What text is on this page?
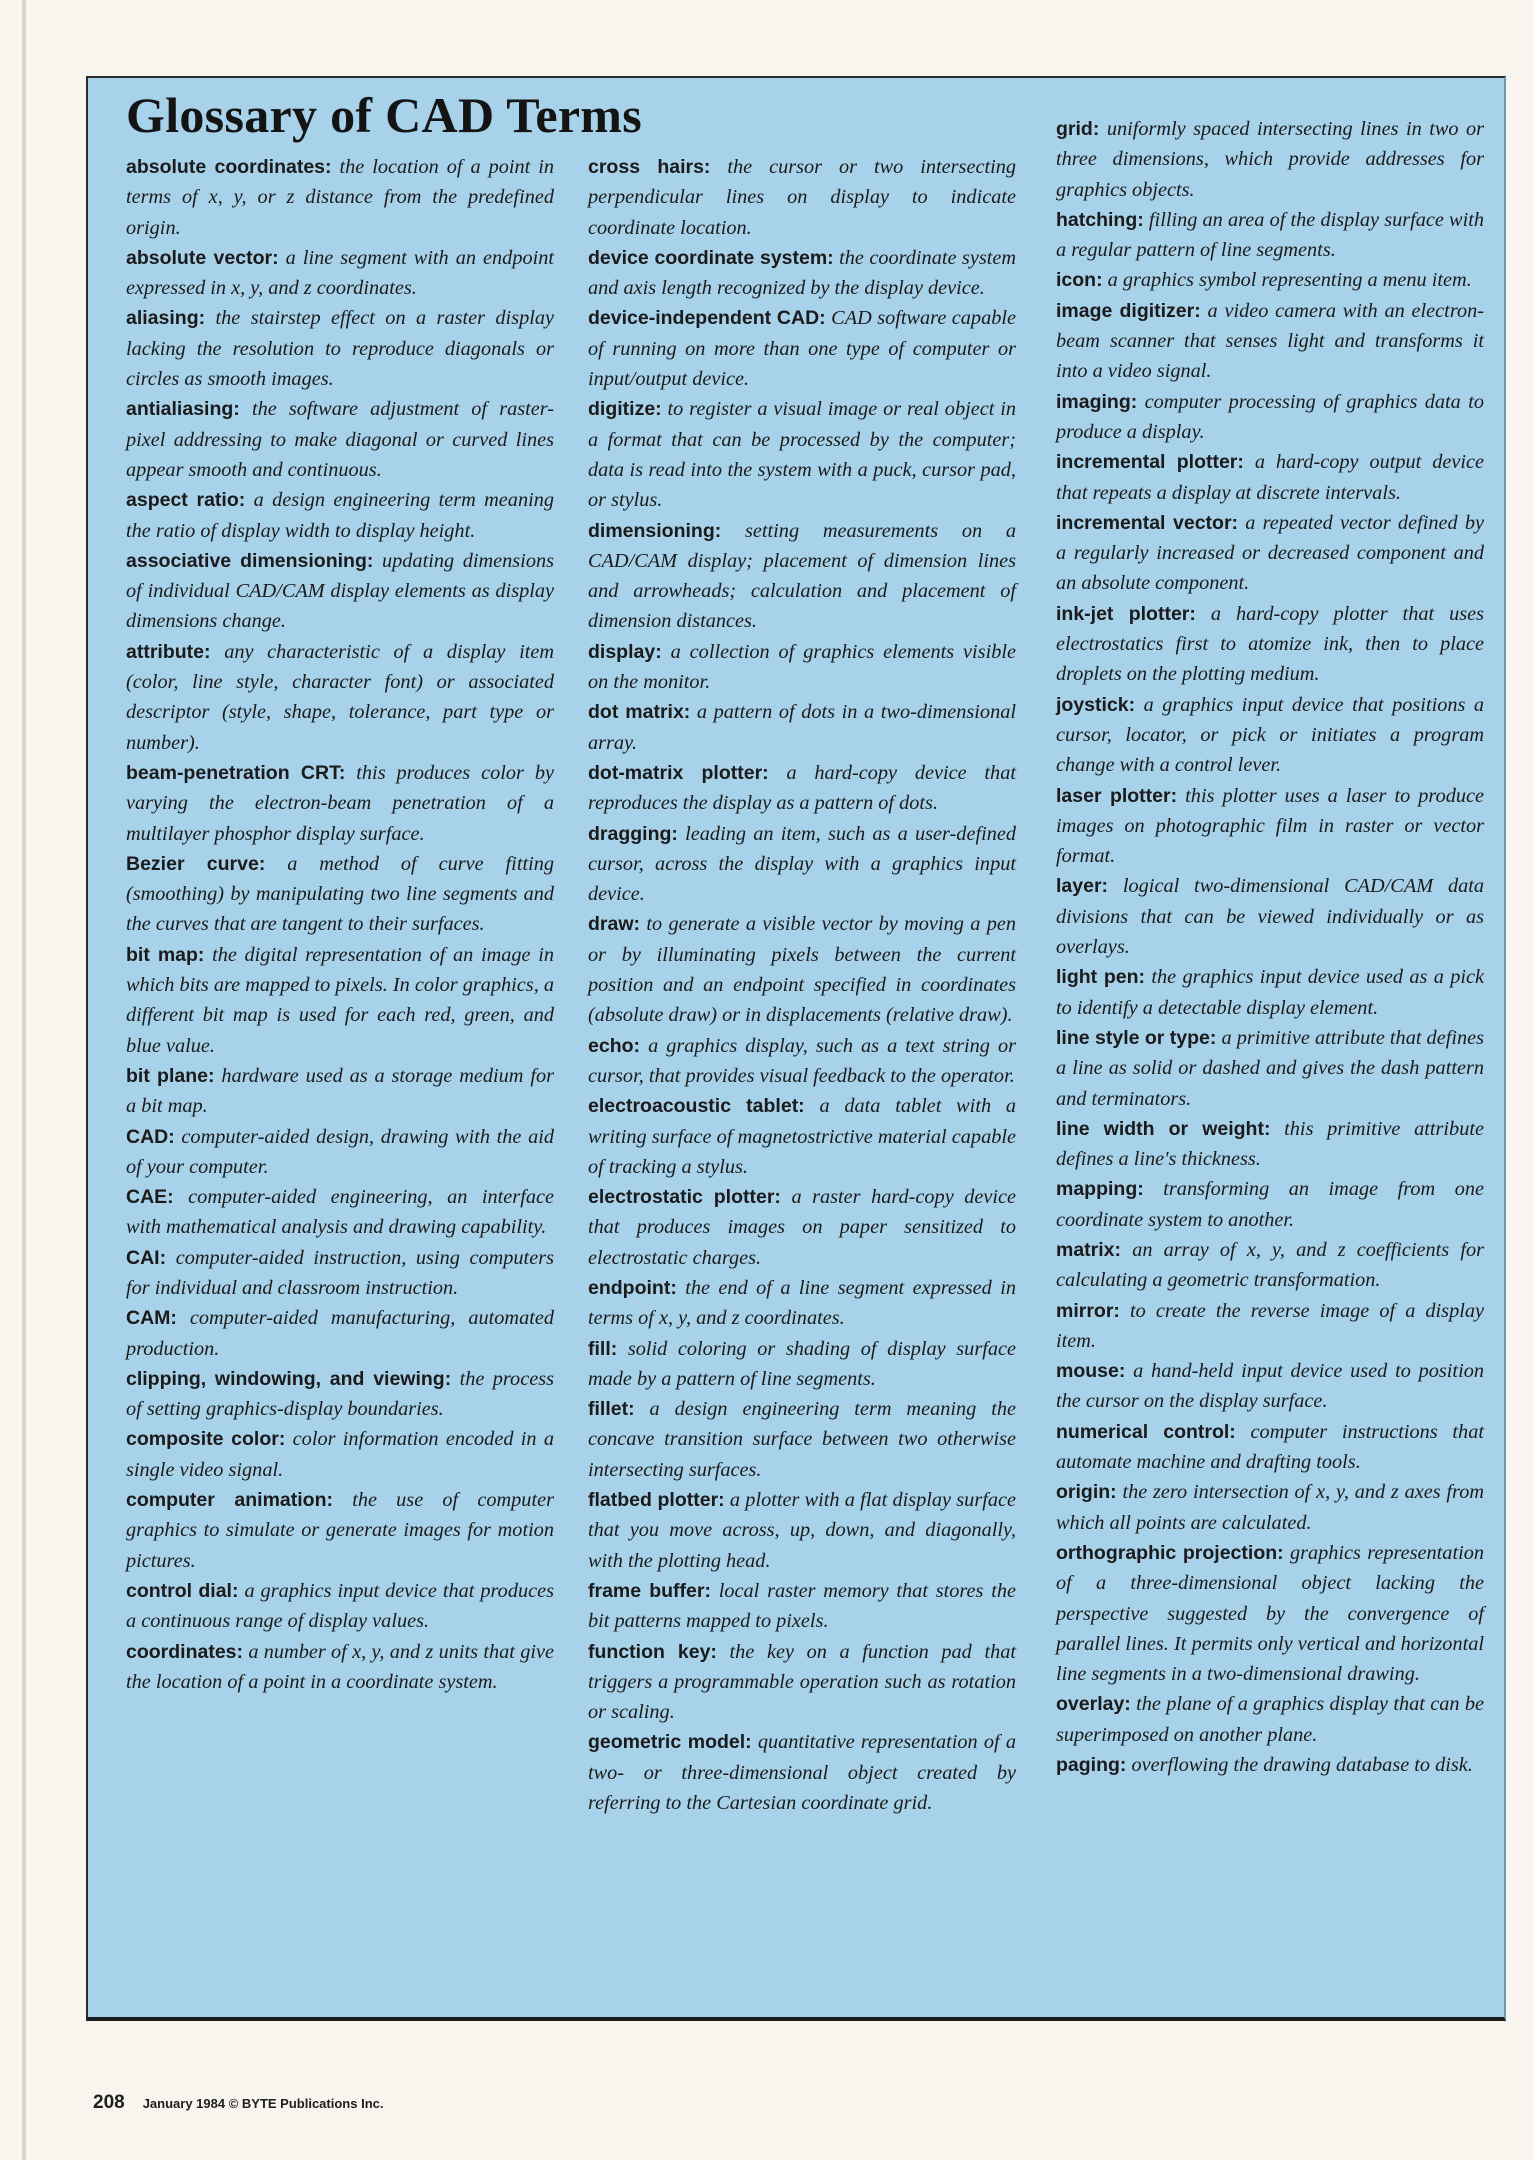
Glossary of CAD Terms

absolute coordinates: the location of a point in terms of x, y, or z distance from the predefined origin.

absolute vector: a line segment with an endpoint expressed in x, y, and z coordinates.

aliasing: the stairstep effect on a raster display lacking the resolution to reproduce diagonals or circles as smooth images.

antialiasing: the software adjustment of raster-pixel addressing to make diagonal or curved lines appear smooth and continuous.

aspect ratio: a design engineering term meaning the ratio of display width to display height.

associative dimensioning: updating dimensions of individual CAD/CAM display elements as display dimensions change.

attribute: any characteristic of a display item (color, line style, character font) or associated descriptor (style, shape, tolerance, part type or number).

beam-penetration CRT: this produces color by varying the electron-beam penetration of a multilayer phosphor display surface.

Bezier curve: a method of curve fitting (smoothing) by manipulating two line segments and the curves that are tangent to their surfaces.

bit map: the digital representation of an image in which bits are mapped to pixels. In color graphics, a different bit map is used for each red, green, and blue value.

bit plane: hardware used as a storage medium for a bit map.

CAD: computer-aided design, drawing with the aid of your computer.

CAE: computer-aided engineering, an interface with mathematical analysis and drawing capability.

CAI: computer-aided instruction, using computers for individual and classroom instruction.

CAM: computer-aided manufacturing, automated production.

clipping, windowing, and viewing: the process of setting graphics-display boundaries.

composite color: color information encoded in a single video signal.

computer animation: the use of computer graphics to simulate or generate images for motion pictures.

control dial: a graphics input device that produces a continuous range of display values.

coordinates: a number of x, y, and z units that give the location of a point in a coordinate system.

cross hairs: the cursor or two intersecting perpendicular lines on display to indicate coordinate location.

device coordinate system: the coordinate system and axis length recognized by the display device.

device-independent CAD: CAD software capable of running on more than one type of computer or input/output device.

digitize: to register a visual image or real object in a format that can be processed by the computer; data is read into the system with a puck, cursor pad, or stylus.

dimensioning: setting measurements on a CAD/CAM display; placement of dimension lines and arrowheads; calculation and placement of dimension distances.

display: a collection of graphics elements visible on the monitor.

dot matrix: a pattern of dots in a two-dimensional array.

dot-matrix plotter: a hard-copy device that reproduces the display as a pattern of dots.

dragging: leading an item, such as a user-defined cursor, across the display with a graphics input device.

draw: to generate a visible vector by moving a pen or by illuminating pixels between the current position and an endpoint specified in coordinates (absolute draw) or in displacements (relative draw).

echo: a graphics display, such as a text string or cursor, that provides visual feedback to the operator.

electroacoustic tablet: a data tablet with a writing surface of magnetostrictive material capable of tracking a stylus.

electrostatic plotter: a raster hard-copy device that produces images on paper sensitized to electrostatic charges.

endpoint: the end of a line segment expressed in terms of x, y, and z coordinates.

fill: solid coloring or shading of display surface made by a pattern of line segments.

fillet: a design engineering term meaning the concave transition surface between two otherwise intersecting surfaces.

flatbed plotter: a plotter with a flat display surface that you move across, up, down, and diagonally, with the plotting head.

frame buffer: local raster memory that stores the bit patterns mapped to pixels.

function key: the key on a function pad that triggers a programmable operation such as rotation or scaling.

geometric model: quantitative representation of a two- or three-dimensional object created by referring to the Cartesian coordinate grid.

grid: uniformly spaced intersecting lines in two or three dimensions, which provide addresses for graphics objects.

hatching: filling an area of the display surface with a regular pattern of line segments.

icon: a graphics symbol representing a menu item.

image digitizer: a video camera with an electron-beam scanner that senses light and transforms it into a video signal.

imaging: computer processing of graphics data to produce a display.

incremental plotter: a hard-copy output device that repeats a display at discrete intervals.

incremental vector: a repeated vector defined by a regularly increased or decreased component and an absolute component.

ink-jet plotter: a hard-copy plotter that uses electrostatics first to atomize ink, then to place droplets on the plotting medium.

joystick: a graphics input device that positions a cursor, locator, or pick or initiates a program change with a control lever.

laser plotter: this plotter uses a laser to produce images on photographic film in raster or vector format.

layer: logical two-dimensional CAD/CAM data divisions that can be viewed individually or as overlays.

light pen: the graphics input device used as a pick to identify a detectable display element.

line style or type: a primitive attribute that defines a line as solid or dashed and gives the dash pattern and terminators.

line width or weight: this primitive attribute defines a line's thickness.

mapping: transforming an image from one coordinate system to another.

matrix: an array of x, y, and z coefficients for calculating a geometric transformation.

mirror: to create the reverse image of a display item.

mouse: a hand-held input device used to position the cursor on the display surface.

numerical control: computer instructions that automate machine and drafting tools.

origin: the zero intersection of x, y, and z axes from which all points are calculated.

orthographic projection: graphics representation of a three-dimensional object lacking the perspective suggested by the convergence of parallel lines. It permits only vertical and horizontal line segments in a two-dimensional drawing.

overlay: the plane of a graphics display that can be superimposed on another plane.

paging: overflowing the drawing database to disk.

208 January 1984 © BYTE Publications Inc.
